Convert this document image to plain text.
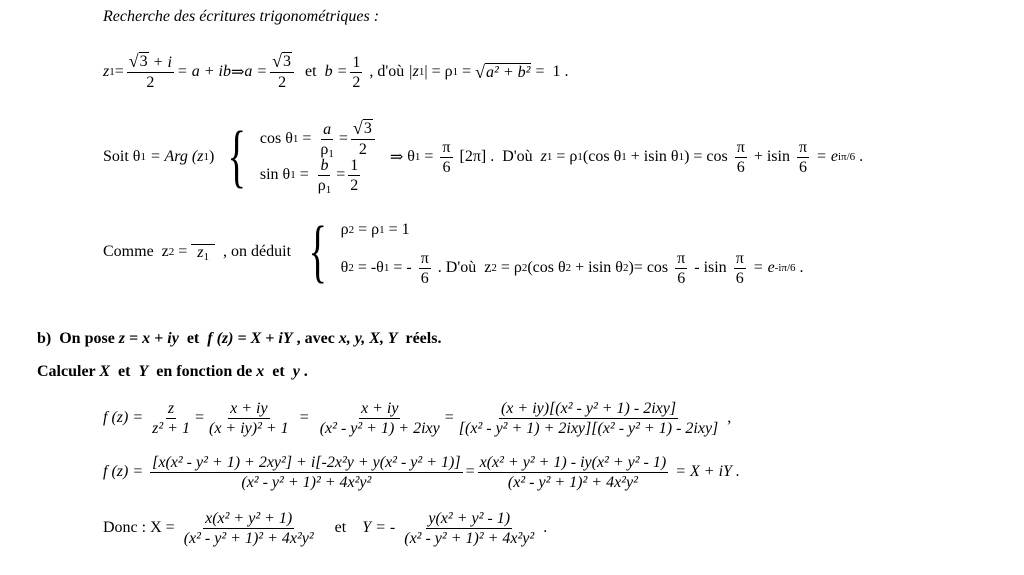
Recherche des écritures trigonométriques :
z $1 = \frac{√ 3 + i}{2} = a$ + ib ⇒ $a = \frac{√ 3}{2}$ et $b = \frac{1}{2}$ , d'où |z 1 | = ρ 1 = √ a² + b² =  1 .
Soit θ 1 = Arg (z 1 ) { cos θ $1 = \frac{a}{\rho_1} = \frac{√ 3}{2}$
sin θ $1 = \frac{b}{\rho_1} = \frac{1}{2}$ ⇒ θ $1 = \frac{\pi}{6} [2\pi]$ .  D'où z 1 = ρ 1 (cos θ 1 + isin θ 1 ) = $\cos \frac{\pi}{6} + isin \frac{\pi}{6} = e$ iπ/6 .
Comme  z $2 = z_1$ , on déduit { ρ 2 = ρ 1 = 1
θ 2 = -θ 1 = - $\frac{\pi}{6}$ . D'où  z 2 = ρ 2 (cos θ 2 + isin θ 2 )= $\cos \frac{\pi}{6} - isin \frac{\pi}{6} = e$ -iπ/6 .
b)  On pose z = x + iy et f (z) = X + iY , avec x, y, X, Y réels.
Calculer X et Y en fonction de x et y .
f $(z) = \frac{z}{\text{z² + 1}} = \frac{x + iy}{\text{(x + iy)² + 1}} = \frac{x + iy}{\text{(x² - y² + 1) + 2ixy}} = \frac{\text{(x + iy)[(x² - y² + 1) - 2ixy]}}{\text{[(x² - y² + 1) + 2ixy][(x² - y² + 1) - 2ixy]}}$ ,
f $(z) = \frac{\text{[x(x² - y² + 1) + 2xy²] + i[-2x²y + y(x² - y² + 1)]}}{\text{(x² - y² + 1)² + 4x²y²}} = \frac{\text{x(x² + y² + 1) - iy(x² + y² - 1)}}{\text{(x² - y² + 1)² + 4x²y²}} = X$ + iY .
Donc : $X = \frac{\text{x(x² + y² + 1)}}{\text{(x² - y² + 1)² + 4x²y²}}$ et Y = - $\frac{\text{y(x² + y² - 1)}}{\text{(x² - y² + 1)² + 4x²y²}}$ .
